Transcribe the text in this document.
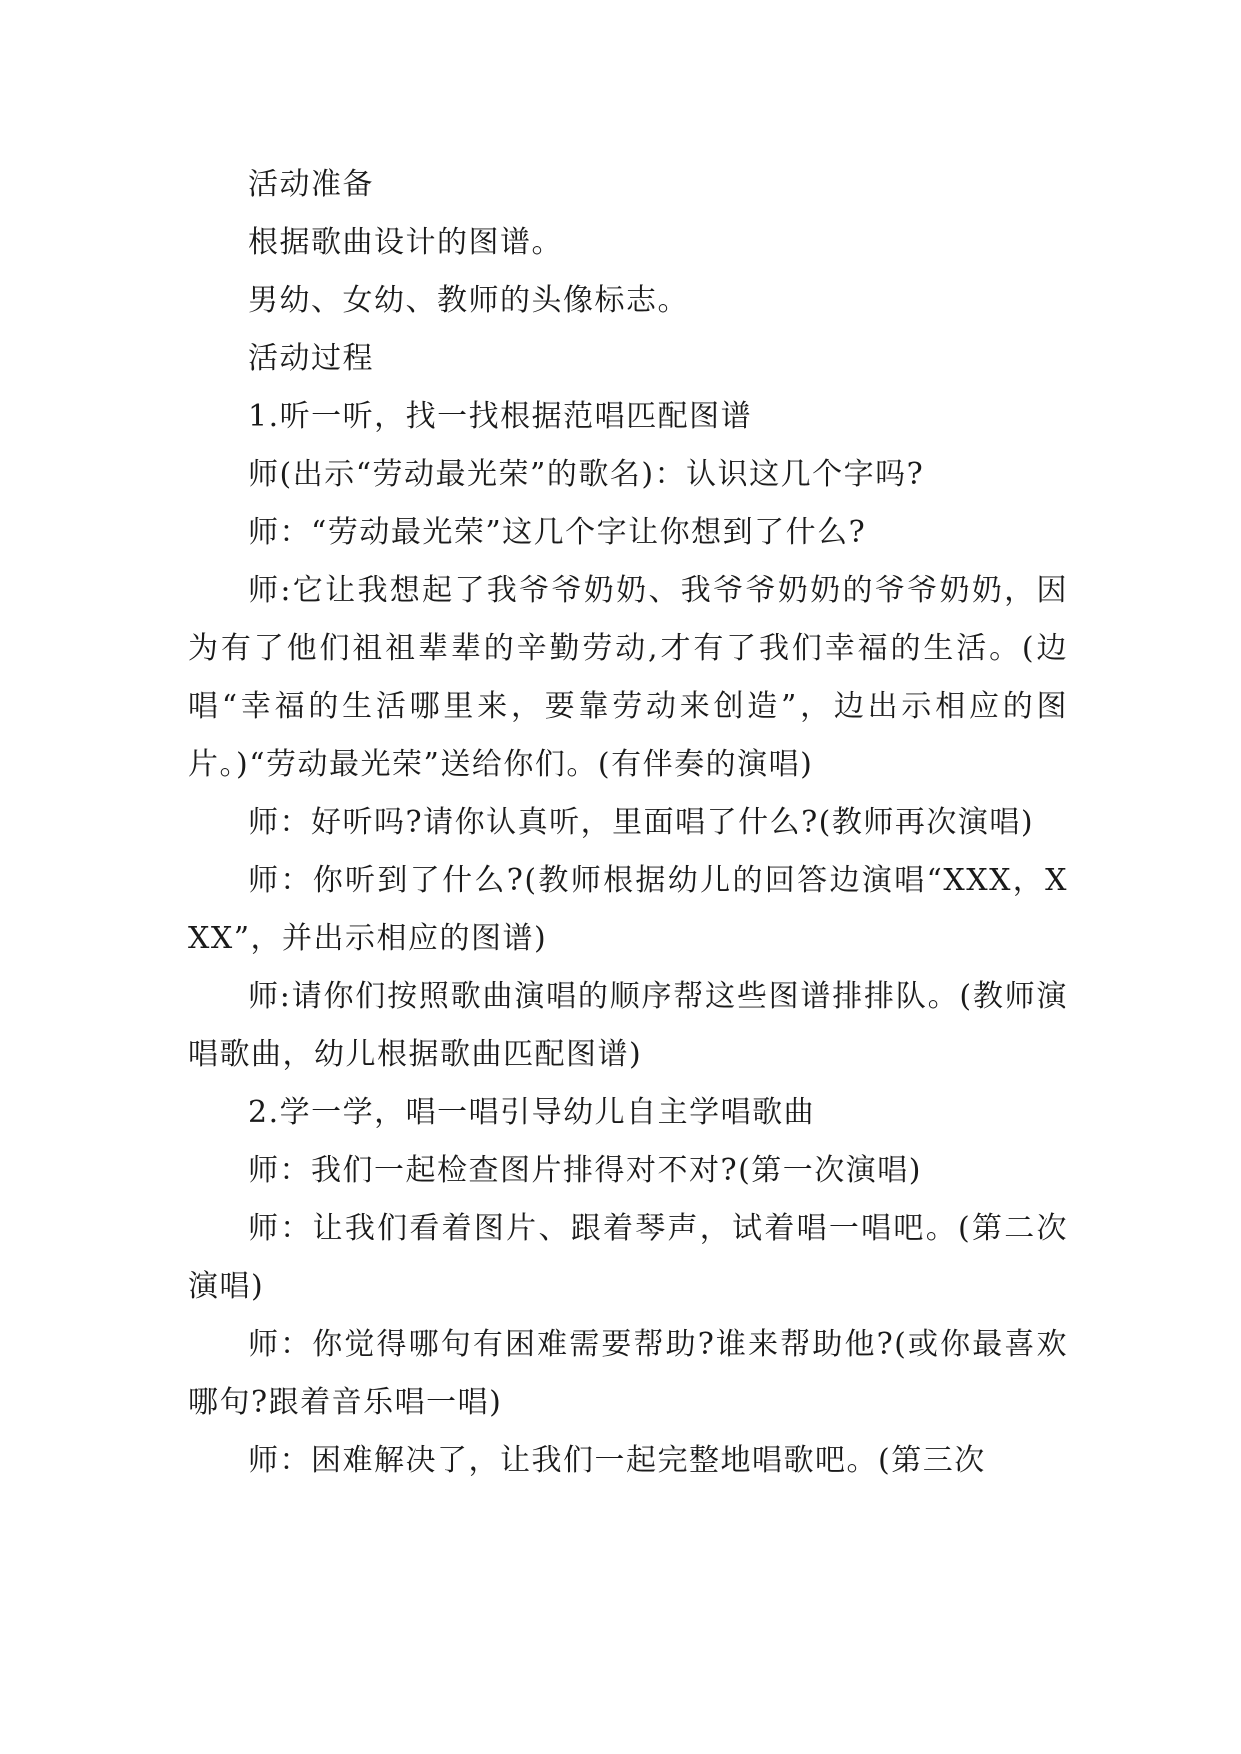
活动准备

根据歌曲设计的图谱。

男幼、女幼、教师的头像标志。

活动过程

1.听一听，找一找根据范唱匹配图谱

师(出示“劳动最光荣”的歌名)：认识这几个字吗?

师：“劳动最光荣”这几个字让你想到了什么?

师:它让我想起了我爷爷奶奶、我爷爷奶奶的爷爷奶奶，因为有了他们祖祖辈辈的辛勤劳动,才有了我们幸福的生活。(边唱“幸福的生活哪里来，要靠劳动来创造”，边出示相应的图片。)“劳动最光荣”送给你们。(有伴奏的演唱)

师：好听吗?请你认真听，里面唱了什么?(教师再次演唱)

师：你听到了什么?(教师根据幼儿的回答边演唱“XXX，XXX”，并出示相应的图谱)

师:请你们按照歌曲演唱的顺序帮这些图谱排排队。(教师演唱歌曲，幼儿根据歌曲匹配图谱)

2.学一学，唱一唱引导幼儿自主学唱歌曲

师：我们一起检查图片排得对不对?(第一次演唱)

师：让我们看着图片、跟着琴声，试着唱一唱吧。(第二次演唱)

师：你觉得哪句有困难需要帮助?谁来帮助他?(或你最喜欢哪句?跟着音乐唱一唱)

师：困难解决了，让我们一起完整地唱歌吧。(第三次
